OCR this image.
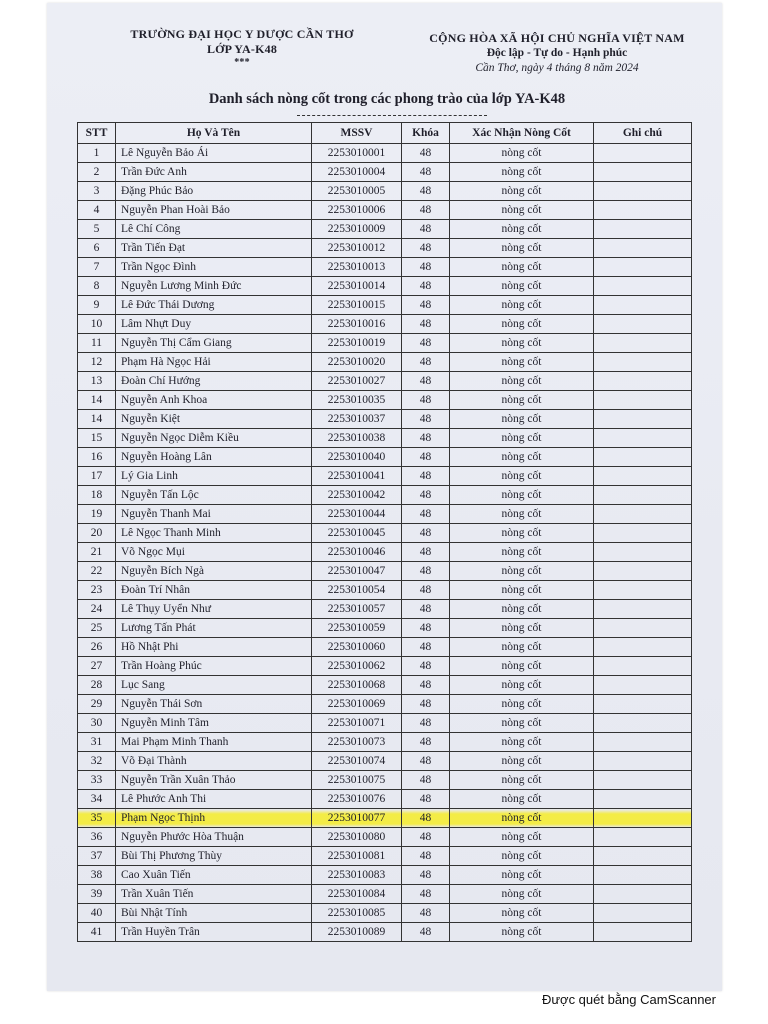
TRƯỜNG ĐẠI HỌC Y DƯỢC CẦN THƠ
LỚP YA-K48
***
CỘNG HÒA XÃ HỘI CHỦ NGHĨA VIỆT NAM
Độc lập - Tự do - Hạnh phúc
Cần Thơ, ngày 4 tháng 8 năm 2024
Danh sách nòng cốt trong các phong trào của lớp YA-K48
STT	Họ Và Tên	MSSV	Khóa	Xác Nhận Nòng Cốt	Ghi chú
1	Lê Nguyễn Bảo Ái	2253010001	48	nòng cốt	
2	Trần Đức Anh	2253010004	48	nòng cốt	
3	Đặng Phúc Bảo	2253010005	48	nòng cốt	
4	Nguyễn Phan Hoài Bảo	2253010006	48	nòng cốt	
5	Lê Chí Công	2253010009	48	nòng cốt	
6	Trần Tiến Đạt	2253010012	48	nòng cốt	
7	Trần Ngọc Đình	2253010013	48	nòng cốt	
8	Nguyễn Lương Minh Đức	2253010014	48	nòng cốt	
9	Lê Đức Thái Dương	2253010015	48	nòng cốt	
10	Lâm Nhựt Duy	2253010016	48	nòng cốt	
11	Nguyễn Thị Cẩm Giang	2253010019	48	nòng cốt	
12	Phạm Hà Ngọc Hải	2253010020	48	nòng cốt	
13	Đoàn Chí Hướng	2253010027	48	nòng cốt	
14	Nguyễn Anh Khoa	2253010035	48	nòng cốt	
14	Nguyễn Kiệt	2253010037	48	nòng cốt	
15	Nguyễn Ngọc Diễm Kiều	2253010038	48	nòng cốt	
16	Nguyễn Hoàng Lân	2253010040	48	nòng cốt	
17	Lý Gia Linh	2253010041	48	nòng cốt	
18	Nguyễn Tấn Lộc	2253010042	48	nòng cốt	
19	Nguyễn Thanh Mai	2253010044	48	nòng cốt	
20	Lê Ngọc Thanh Minh	2253010045	48	nòng cốt	
21	Võ Ngọc Mụi	2253010046	48	nòng cốt	
22	Nguyễn Bích Ngà	2253010047	48	nòng cốt	
23	Đoàn Trí Nhân	2253010054	48	nòng cốt	
24	Lê Thụy Uyển Như	2253010057	48	nòng cốt	
25	Lương Tấn Phát	2253010059	48	nòng cốt	
26	Hồ Nhật Phi	2253010060	48	nòng cốt	
27	Trần Hoàng Phúc	2253010062	48	nòng cốt	
28	Lục Sang	2253010068	48	nòng cốt	
29	Nguyễn Thái Sơn	2253010069	48	nòng cốt	
30	Nguyễn Minh Tâm	2253010071	48	nòng cốt	
31	Mai Phạm Minh Thanh	2253010073	48	nòng cốt	
32	Võ Đại Thành	2253010074	48	nòng cốt	
33	Nguyễn Trần Xuân Thảo	2253010075	48	nòng cốt	
34	Lê Phước Anh Thi	2253010076	48	nòng cốt	
35	Phạm Ngọc Thịnh	2253010077	48	nòng cốt	
36	Nguyễn Phước Hòa Thuận	2253010080	48	nòng cốt	
37	Bùi Thị Phương Thùy	2253010081	48	nòng cốt	
38	Cao Xuân Tiến	2253010083	48	nòng cốt	
39	Trần Xuân Tiến	2253010084	48	nòng cốt	
40	Bùi Nhật Tính	2253010085	48	nòng cốt	
41	Trần Huyền Trân	2253010089	48	nòng cốt	
Được quét bằng CamScanner
